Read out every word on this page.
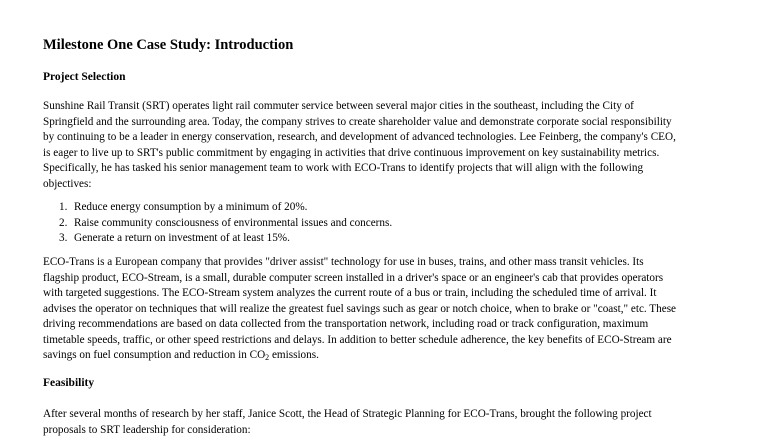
Milestone One Case Study: Introduction
Project Selection
Sunshine Rail Transit (SRT) operates light rail commuter service between several major cities in the southeast, including the City of
Springfield and the surrounding area. Today, the company strives to create shareholder value and demonstrate corporate social responsibility
by continuing to be a leader in energy conservation, research, and development of advanced technologies. Lee Feinberg, the company's CEO,
is eager to live up to SRT's public commitment by engaging in activities that drive continuous improvement on key sustainability metrics.
Specifically, he has tasked his senior management team to work with ECO-Trans to identify projects that will align with the following
objectives:
1. Reduce energy consumption by a minimum of 20%.
2. Raise community consciousness of environmental issues and concerns.
3. Generate a return on investment of at least 15%.
ECO-Trans is a European company that provides "driver assist" technology for use in buses, trains, and other mass transit vehicles. Its
flagship product, ECO-Stream, is a small, durable computer screen installed in a driver's space or an engineer's cab that provides operators
with targeted suggestions. The ECO-Stream system analyzes the current route of a bus or train, including the scheduled time of arrival. It
advises the operator on techniques that will realize the greatest fuel savings such as gear or notch choice, when to brake or "coast," etc. These
driving recommendations are based on data collected from the transportation network, including road or track configuration, maximum
timetable speeds, traffic, or other speed restrictions and delays. In addition to better schedule adherence, the key benefits of ECO-Stream are
savings on fuel consumption and reduction in $CO_2$ emissions.
Feasibility
After several months of research by her staff, Janice Scott, the Head of Strategic Planning for ECO-Trans, brought the following project
proposals to SRT leadership for consideration:
